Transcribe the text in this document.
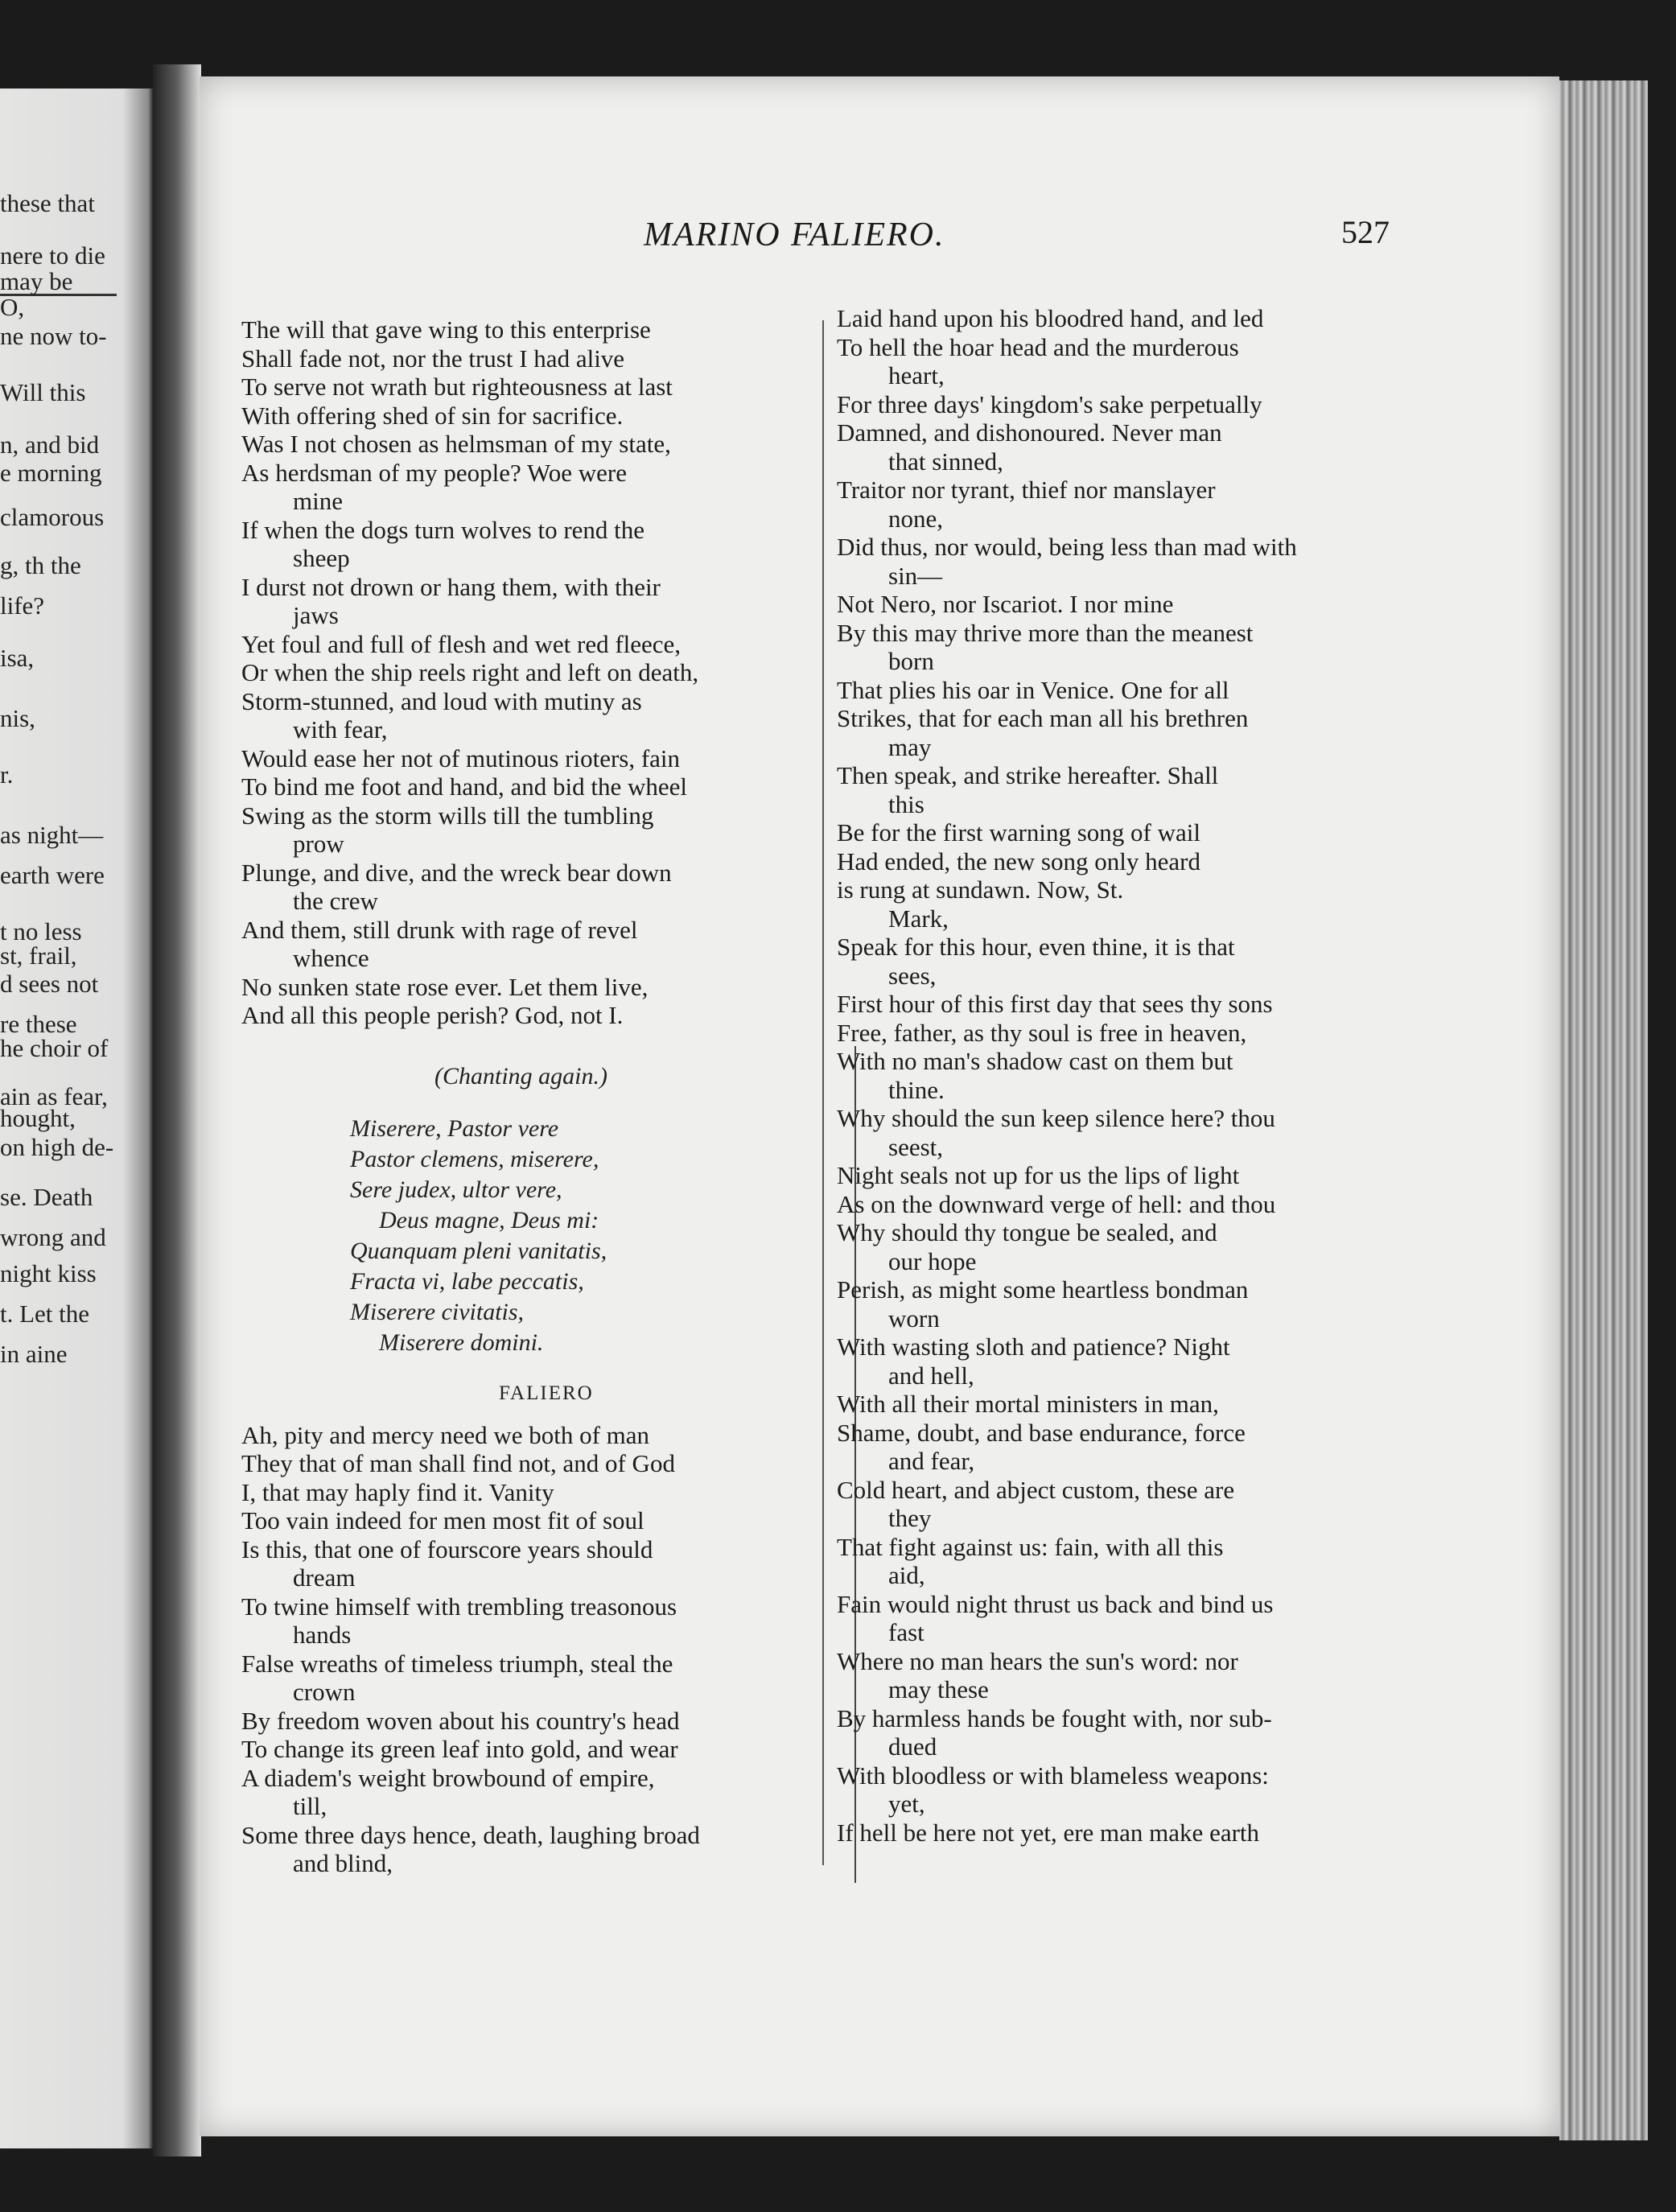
these that
nere to die
may be
O,
ne now to-
Will this
n, and bid
e morning
clamorous
g, th the
life?
isa,
nis,
r.
as night—
earth were
t no less
st, frail,
d sees not
re these
he choir of
ain as fear,
hought,
on high de-
se. Death
wrong and
night kiss
t. Let the
in aine
MARINO FALIERO.	527
The will that gave wing to this enterprise
Shall fade not, nor the trust I had alive
To serve not wrath but righteousness at last
With offering shed of sin for sacrifice.
Was I not chosen as helmsman of my state,
As herdsman of my people? Woe were
mine
If when the dogs turn wolves to rend the
sheep
I durst not drown or hang them, with their
jaws
Yet foul and full of flesh and wet red fleece,
Or when the ship reels right and left on death,
Storm-stunned, and loud with mutiny as
with fear,
Would ease her not of mutinous rioters, fain
To bind me foot and hand, and bid the wheel
Swing as the storm wills till the tumbling
prow
Plunge, and dive, and the wreck bear down
the crew
And them, still drunk with rage of revel
whence
No sunken state rose ever. Let them live,
And all this people perish? God, not I.
(Chanting again.)
Miserere, Pastor vere
Pastor clemens, miserere,
Sere judex, ultor vere,
Deus magne, Deus mi:
Quanquam pleni vanitatis,
Fracta vi, labe peccatis,
Miserere civitatis,
Miserere domini.
FALIERO
Ah, pity and mercy need we both of man
They that of man shall find not, and of God
I, that may haply find it. Vanity
Too vain indeed for men most fit of soul
Is this, that one of fourscore years should
dream
To twine himself with trembling treasonous
hands
False wreaths of timeless triumph, steal the
crown
By freedom woven about his country's head
To change its green leaf into gold, and wear
A diadem's weight browbound of empire,
till,
Some three days hence, death, laughing broad
and blind,
Laid hand upon his bloodred hand, and led
To hell the hoar head and the murderous
heart,
For three days' kingdom's sake perpetually
Damned, and dishonoured. Never man
that sinned,
Traitor nor tyrant, thief nor manslayer
none,
Did thus, nor would, being less than mad with
sin—
Not Nero, nor Iscariot. I nor mine
By this may thrive more than the meanest
born
That plies his oar in Venice. One for all
Strikes, that for each man all his brethren
may
Then speak, and strike hereafter. Shall
this
Be for the first warning song of wail
Had ended, the new song only heard
is rung at sundawn. Now, St.
Mark,
Speak for this hour, even thine, it is that
sees,
First hour of this first day that sees thy sons
Free, father, as thy soul is free in heaven,
With no man's shadow cast on them but
thine.
Why should the sun keep silence here? thou
seest,
Night seals not up for us the lips of light
As on the downward verge of hell: and thou
Why should thy tongue be sealed, and
our hope
Perish, as might some heartless bondman
worn
With wasting sloth and patience? Night
and hell,
With all their mortal ministers in man,
Shame, doubt, and base endurance, force
and fear,
Cold heart, and abject custom, these are
they
That fight against us: fain, with all this
aid,
Fain would night thrust us back and bind us
fast
Where no man hears the sun's word: nor
may these
By harmless hands be fought with, nor sub-
dued
With bloodless or with blameless weapons:
yet,
If hell be here not yet, ere man make earth
